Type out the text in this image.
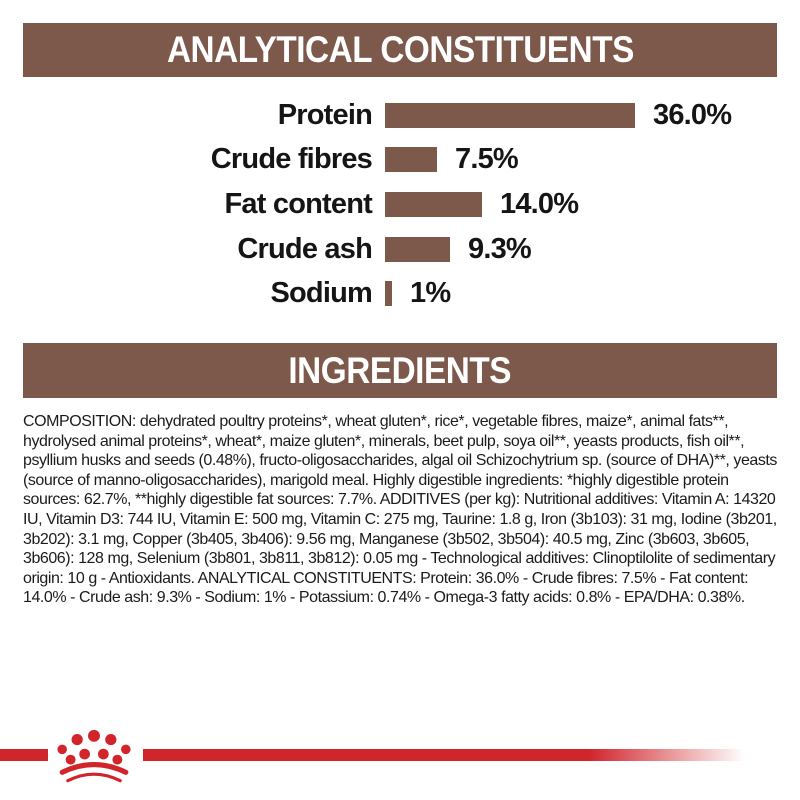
ANALYTICAL CONSTITUENTS
Protein	36.0%
Crude fibres	7.5%
Fat content	14.0%
Crude ash	9.3%
Sodium	1%
INGREDIENTS
COMPOSITION: dehydrated poultry proteins*, wheat gluten*, rice*, vegetable fibres, maize*, animal fats**, hydrolysed animal proteins*, wheat*, maize gluten*, minerals, beet pulp, soya oil**, yeasts products, fish oil**, psyllium husks and seeds (0.48%), fructo-oligosaccharides, algal oil Schizochytrium sp. (source of DHA)**, yeasts (source of manno-oligosaccharides), marigold meal. Highly digestible ingredients: *highly digestible protein sources: 62.7%, **highly digestible fat sources: 7.7%. ADDITIVES (per kg): Nutritional additives: Vitamin A: 14320 IU, Vitamin D3: 744 IU, Vitamin E: 500 mg, Vitamin C: 275 mg, Taurine: 1.8 g, Iron (3b103): 31 mg, Iodine (3b201, 3b202): 3.1 mg, Copper (3b405, 3b406): 9.56 mg, Manganese (3b502, 3b504): 40.5 mg, Zinc (3b603, 3b605, 3b606): 128 mg, Selenium (3b801, 3b811, 3b812): 0.05 mg - Technological additives: Clinoptilolite of sedimentary origin: 10 g - Antioxidants. ANALYTICAL CONSTITUENTS: Protein: 36.0% - Crude fibres: 7.5% - Fat content: 14.0% - Crude ash: 9.3% - Sodium: 1% - Potassium: 0.74% - Omega-3 fatty acids: 0.8% - EPA/DHA: 0.38%.
